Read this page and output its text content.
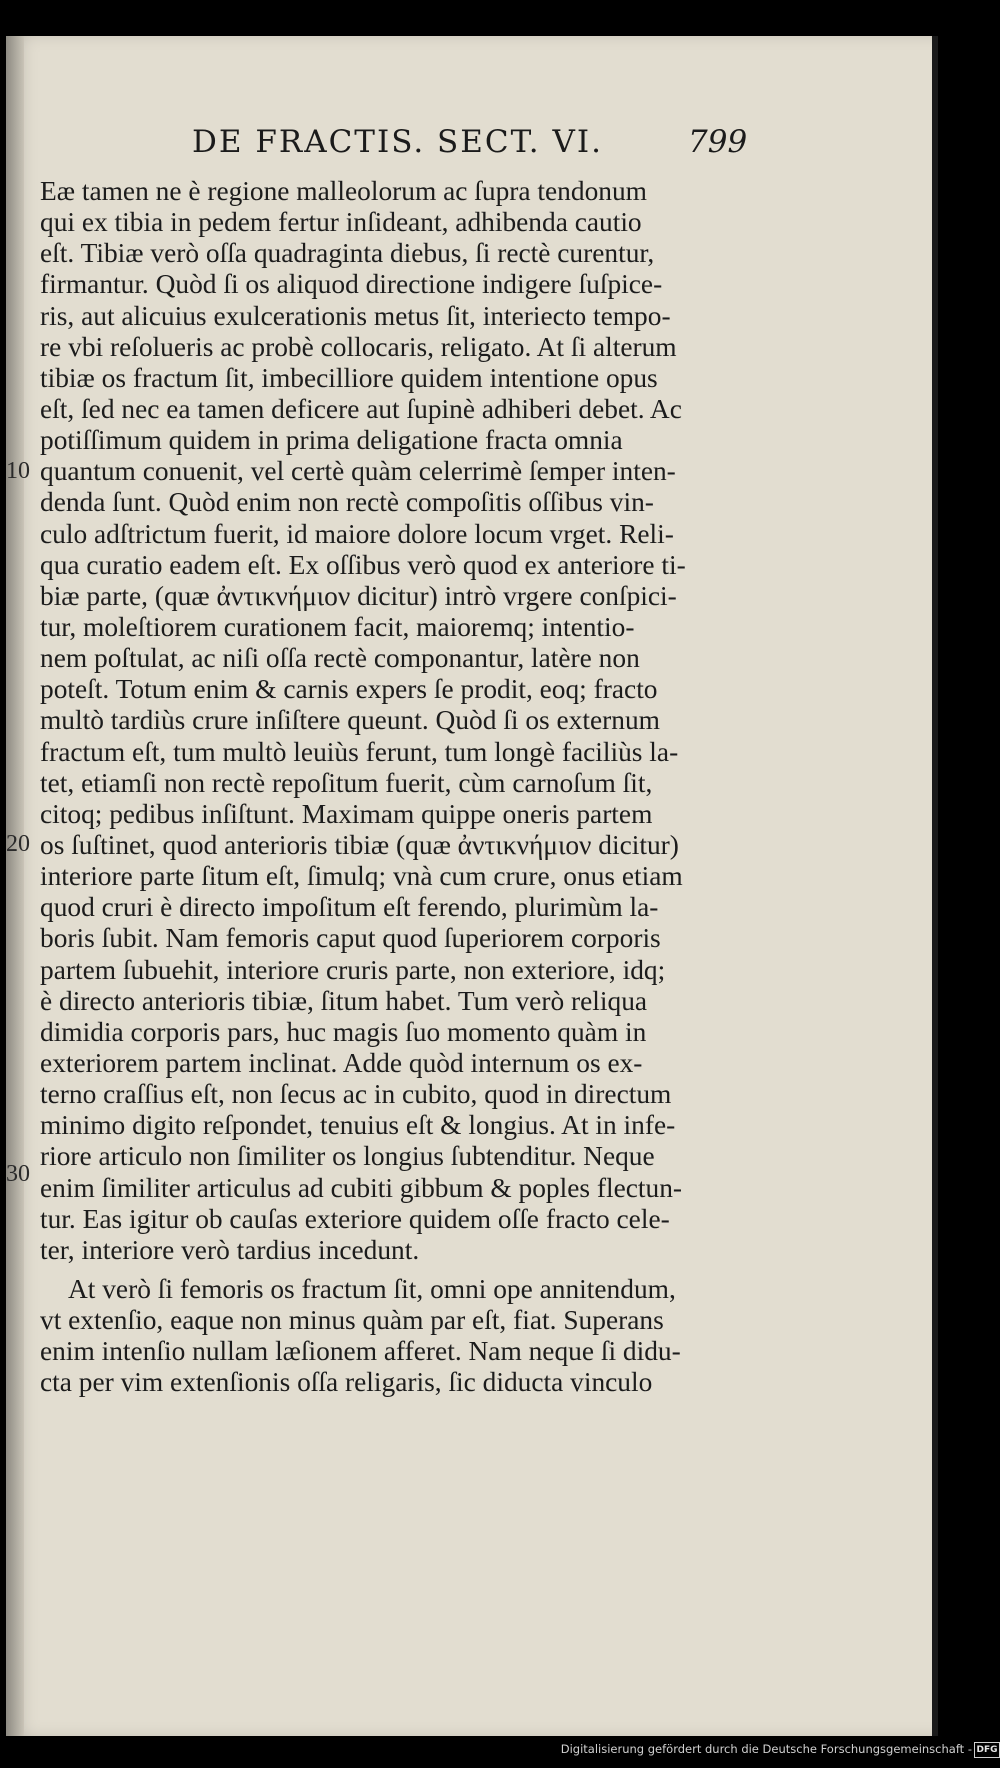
DE FRACTIS. SECT. VI.	799
10
20
30
Eæ tamen ne è regione malleolorum ac ſupra tendonum
qui ex tibia in pedem fertur inſideant, adhibenda cautio
eſt. Tibiæ verò oſſa quadraginta diebus, ſi rectè curentur,
firmantur. Quòd ſi os aliquod directione indigere ſuſpice-
ris, aut alicuius exulcerationis metus ſit, interiecto tempo-
re vbi reſolueris ac probè collocaris, religato. At ſi alterum
tibiæ os fractum ſit, imbecilliore quidem intentione opus
eſt, ſed nec ea tamen deficere aut ſupinè adhiberi debet. Ac
potiſſimum quidem in prima deligatione fracta omnia
quantum conuenit, vel certè quàm celerrimè ſemper inten-
denda ſunt. Quòd enim non rectè compoſitis oſſibus vin-
culo adſtrictum fuerit, id maiore dolore locum vrget. Reli-
qua curatio eadem eſt. Ex oſſibus verò quod ex anteriore ti-
biæ parte, (quæ ἀντικνήμιον dicitur) intrò vrgere conſpici-
tur, moleſtiorem curationem facit, maioremq; intentio-
nem poſtulat, ac niſi oſſa rectè componantur, latère non
poteſt. Totum enim & carnis expers ſe prodit, eoq; fracto
multò tardiùs crure inſiſtere queunt. Quòd ſi os externum
fractum eſt, tum multò leuiùs ferunt, tum longè faciliùs la-
tet, etiamſi non rectè repoſitum fuerit, cùm carnoſum ſit,
citoq; pedibus inſiſtunt. Maximam quippe oneris partem
os ſuſtinet, quod anterioris tibiæ (quæ ἀντικνήμιον dicitur)
interiore parte ſitum eſt, ſimulq; vnà cum crure, onus etiam
quod cruri è directo impoſitum eſt ferendo, plurimùm la-
boris ſubit. Nam femoris caput quod ſuperiorem corporis
partem ſubuehit, interiore cruris parte, non exteriore, idq;
è directo anterioris tibiæ, ſitum habet. Tum verò reliqua
dimidia corporis pars, huc magis ſuo momento quàm in
exteriorem partem inclinat. Adde quòd internum os ex-
terno craſſius eſt, non ſecus ac in cubito, quod in directum
minimo digito reſpondet, tenuius eſt & longius. At in infe-
riore articulo non ſimiliter os longius ſubtenditur. Neque
enim ſimiliter articulus ad cubiti gibbum & poples flectun-
tur. Eas igitur ob cauſas exteriore quidem oſſe fracto cele-
ter, interiore verò tardius incedunt.
At verò ſi femoris os fractum ſit, omni ope annitendum,
vt extenſio, eaque non minus quàm par eſt, fiat. Superans
enim intenſio nullam læſionem afferet. Nam neque ſi didu-
cta per vim extenſionis oſſa religaris, ſic diducta vinculo
Digitalisierung gefördert durch die Deutsche Forschungsgemeinschaft - DFG
